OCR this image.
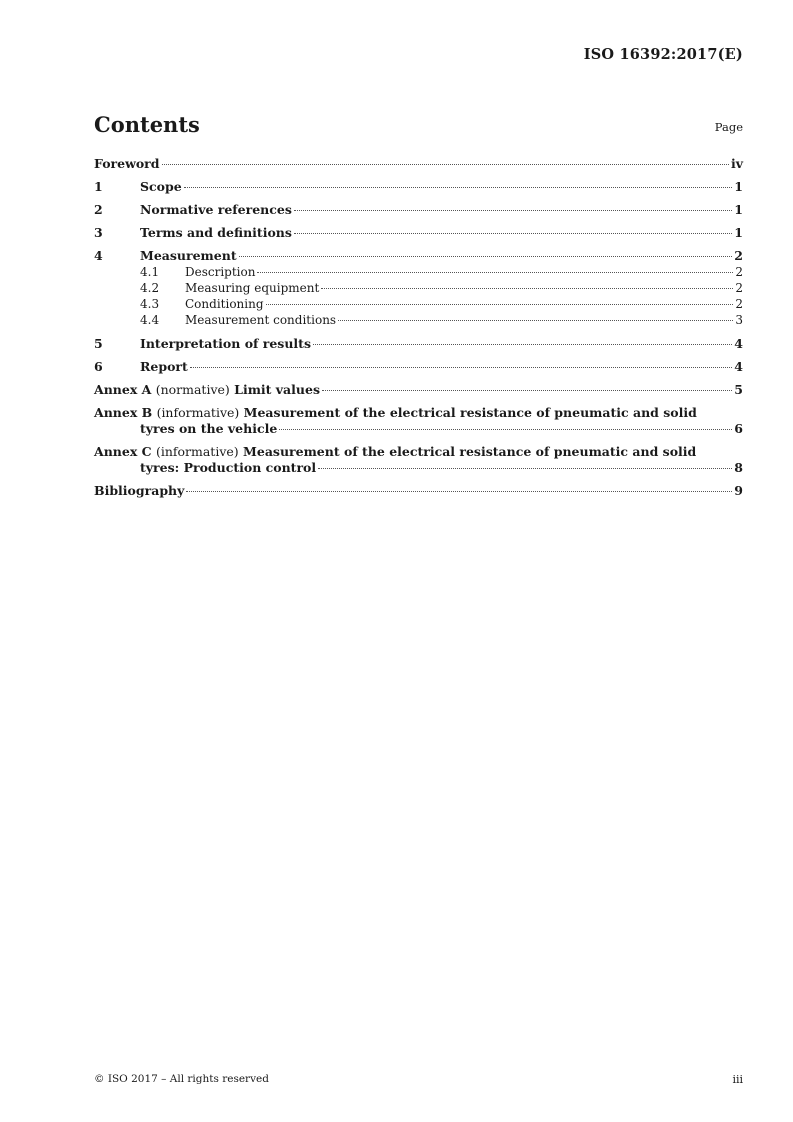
ISO 16392:2017(E)
Contents	Page
Foreword	iv
1	Scope	1
2	Normative references	1
3	Terms and definitions	1
4	Measurement	2
4.1	Description	2
4.2	Measuring equipment	2
4.3	Conditioning	2
4.4	Measurement conditions	3
5	Interpretation of results	4
6	Report	4
Annex A (normative) Limit values	5
Annex B (informative) Measurement of the electrical resistance of pneumatic and solid
tyres on the vehicle	6
Annex C (informative) Measurement of the electrical resistance of pneumatic and solid
tyres: Production control	8
Bibliography	9
© ISO 2017 – All rights reserved	iii
